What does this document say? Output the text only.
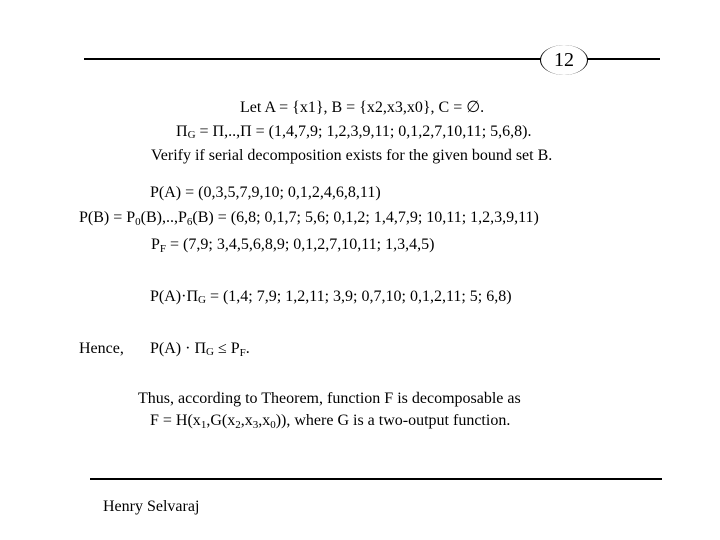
12
Let A = {x1}, B = {x2,x3,x0}, C = ∅.
ΠG = Π,..,Π = (1,4,7,9; 1,2,3,9,11; 0,1,2,7,10,11; 5,6,8).
Verify if serial decomposition exists for the given bound set B.
P(A) = (0,3,5,7,9,10; 0,1,2,4,6,8,11)
$P(B) = P_0(B),..,P_6(B) = (6,8$; 0,1,7; 5,6; 0,1,2; 1,4,7,9; 10,11; 1,2,3,9,11)
$P_F = (7,9$; 3,4,5,6,8,9; 0,1,2,7,10,11; 1,3,4,5)
P(A)·ΠG = (1,4; 7,9; 1,2,11; 3,9; 0,7,10; 0,1,2,11; 5; 6,8)
Hence, $P(A) \cdot \Pi G \le P_F$.
Thus, according to Theorem, function F is decomposable as
$F = H(x_1,G(x_2,x_3,x_0))$, where G is a two-output function.
Henry Selvaraj
